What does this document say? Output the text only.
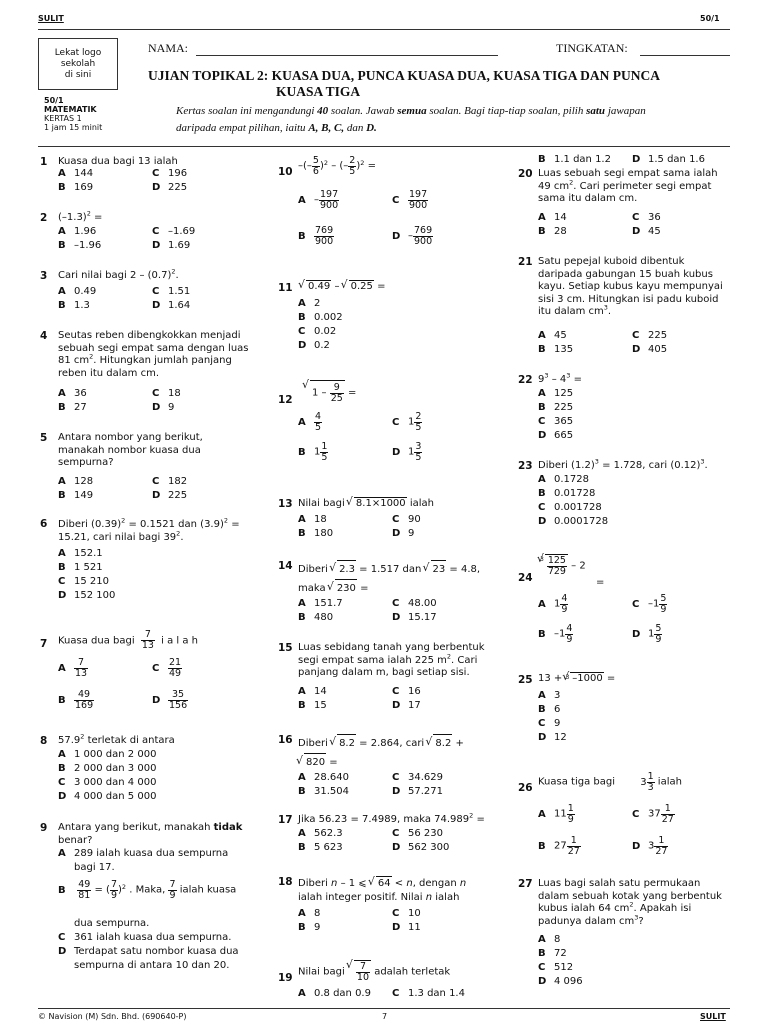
SULIT	50/1
Lekat logo
sekolah
di sini
50/1
MATEMATIK
KERTAS 1
1 jam 15 minit
NAMA:	TINGKATAN:
UJIAN TOPIKAL 2: KUASA DUA, PUNCA KUASA DUA, KUASA TIGA DAN PUNCA
KUASA TIGA
Kertas soalan ini mengandungi 40 soalan. Jawab semua soalan. Bagi tiap-tiap soalan, pilih satu jawapan
daripada empat pilihan, iaitu A, B, C, dan D.
1 Kuasa dua bagi 13 ialah
A 144	C 196
B 169	D 225
2 $(-1.3)^2$ =
A 1.96	C –1.69
B –1.96	D 1.69
3 Cari nilai bagi $2 - (0.7)^2$.
A 0.49	C 1.51
B 1.3	D 1.64
4 Seutas reben dibengkokkan menjadi
sebuah segi empat sama dengan luas
81 $cm^2$. Hitungkan jumlah panjang
reben itu dalam cm.
A 36	C 18
B 27	D 9
5 Antara nombor yang berikut,
manakah nombor kuasa dua
sempurna?
A 128	C 182
B 149	D 225
6 Diberi $(0.39)^2 = 0.1521$ dan $(3.9)^2$ =
15.21, cari nilai bagi $39^2$.
A 152.1
B 1 521
C 15 210
D 152 100
7 Kuasa dua bagi $\frac{7}{13}$ i a l a h
A $\frac{7}{13}$	C $\frac{21}{49}$
B $\frac{49}{169}$	D $\frac{35}{156}$
8 57.9$^2$ terletak di antara
A 1 000 dan 2 000
B 2 000 dan 3 000
C 3 000 dan 4 000
D 4 000 dan 5 000
9 Antara yang berikut, manakah tidak
benar?
A 289 ialah kuasa dua sempurna
bagi 17.
B $\frac{49}{81}$ = ( $\frac{7}{9} )^2$ . Maka, $\frac{7}{9}$ ialah kuasa
dua sempurna.
C 361 ialah kuasa dua sempurna.
D Terdapat satu nombor kuasa dua
sempurna di antara 10 dan 20.
10 –(– $\frac{5}{6} )^2$ – (– $\frac{2}{5} )^2$ =
A – $\frac{197}{900}$	C $\frac{197}{900}$
B $\frac{769}{900}$	D – $\frac{769}{900}$
11	√ 0.49 – √ 0.25 =
A 2
B 0.002
C 0.02
D 0.2
12
√ $1 - \frac{9}{25}$ =
A $\frac{4}{5}$	C $1 \frac{2}{5}$
B $1 \frac{1}{5}$	D $1 \frac{3}{5}$
13 Nilai bagi √ 8.1×1000 ialah
A 18	C 90
B 180	D 9
14 Diberi √ 2.3 = 1.517 dan √ 23 = 4.8,
maka √ 230 =
A 151.7	C 48.00
B 480	D 15.17
15 Luas sebidang tanah yang berbentuk
segi empat sama ialah 225 $m^2$. Cari
panjang dalam m, bagi setiap sisi.
A 14	C 16
B 15	D 17
16 Diberi √ 8.2 = 2.864, cari √ 8.2 +
√ 820 =
A 28.640	C 34.629
B 31.504	D 57.271
17 Jika 56.23 = 7.4989, maka $74.989^2$ =
A 562.3	C 56 230
B 5 623	D 562 300
18 Diberi n – 1 ⩽ √ 64 < n, dengan n
ialah integer positif. Nilai n ialah
A 8	C 10
B 9	D 11
19 Nilai bagi √ $\frac{7}{10}$ adalah terletak
A 0.8 dan 0.9 C 1.3 dan 1.4
B 1.1 dan 1.2 D 1.5 dan 1.6
20 Luas sebuah segi empat sama ialah
49 $cm^2$. Cari perimeter segi empat
sama itu dalam cm.
A 14	C 36
B 28	D 45
21 Satu pepejal kuboid dibentuk
daripada gabungan 15 buah kubus
kayu. Setiap kubus kayu mempunyai
sisi 3 cm. Hitungkan isi padu kuboid
itu dalam $cm^3$.
A 45	C 225
B 135	D 405
22 $9^3 - 4^3$ =
A 125
B 225
C 365
D 665
23 Diberi $(1.2)^3 = 1.728$, cari $(0.12)^3$.
A 0.1728
B 0.01728
C 0.001728
D 0.0001728
24
$^3$ √ $\frac{125}{729} - 2$
=
A $1 \frac{4}{9}$	C $-1 \frac{5}{9}$
B $-1 \frac{4}{9}$	D $1 \frac{5}{9}$
25 13 + $^3$ √ –1000 =
A 3
B 6
C 9
D 12
26 Kuasa tiga bagi	$3 \frac{1}{3}$ ialah
A $11 \frac{1}{9}$	C $37 \frac{1}{27}$
B $27 \frac{1}{27}$	D $3 \frac{1}{27}$
27 Luas bagi salah satu permukaan
dalam sebuah kotak yang berbentuk
kubus ialah 64 $cm^2$. Apakah isi
padunya dalam $cm^3$?
A 8
B 72
C 512
D 4 096
© Navision (M) Sdn. Bhd. (690640-P)	7	SULIT
